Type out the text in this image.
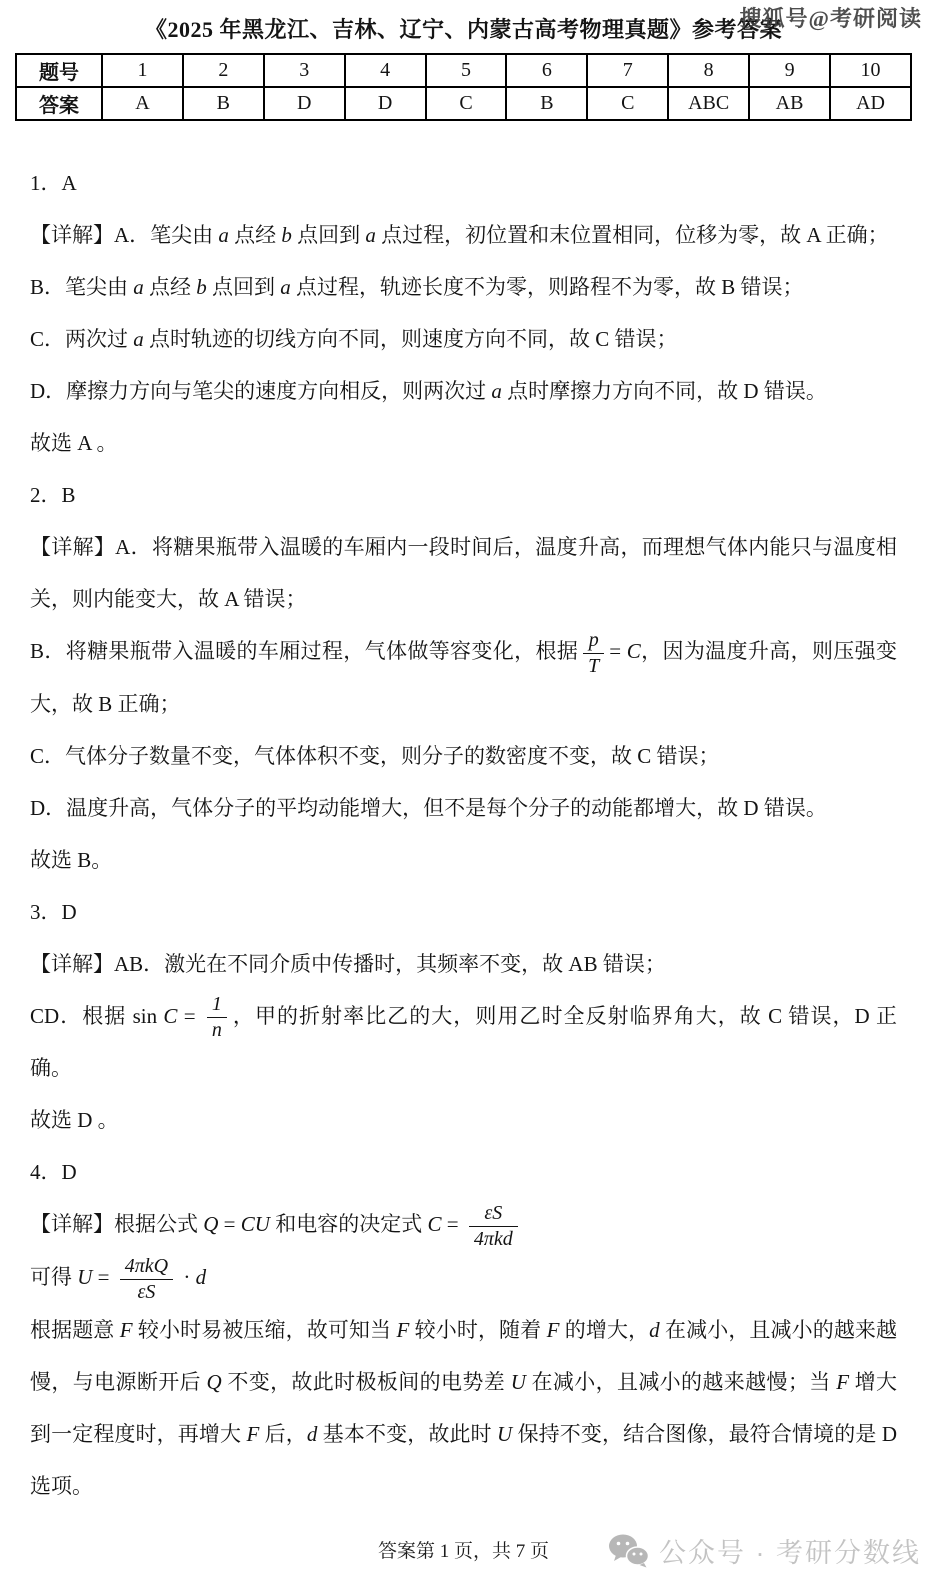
搜狐号@考研阅读
《2025 年黑龙江、吉林、辽宁、内蒙古高考物理真题》参考答案
题号	1	2	3	4	5	6	7	8	9	10
答案	A	B	D	D	C	B	C	ABC	AB	AD
1．A
【详解】A．笔尖由 a 点经 b 点回到 a 点过程，初位置和末位置相同，位移为零，故 A 正确；
B．笔尖由 a 点经 b 点回到 a 点过程，轨迹长度不为零，则路程不为零，故 B 错误；
C．两次过 a 点时轨迹的切线方向不同，则速度方向不同，故 C 错误；
D．摩擦力方向与笔尖的速度方向相反，则两次过 a 点时摩擦力方向不同，故 D 错误。
故选 A 。
2．B
【详解】A．将糖果瓶带入温暖的车厢内一段时间后，温度升高，而理想气体内能只与温度相关，则内能变大，故 A 错误；
B．将糖果瓶带入温暖的车厢过程，气体做等容变化，根据 $\frac{p}{T} = C$，因为温度升高，则压强变大，故 B 正确；
C．气体分子数量不变，气体体积不变，则分子的数密度不变，故 C 错误；
D．温度升高，气体分子的平均动能增大，但不是每个分子的动能都增大，故 D 错误。
故选 B。
3．D
【详解】AB．激光在不同介质中传播时，其频率不变，故 AB 错误；
CD．根据 $\sin C = \frac{1}{n}$ ，甲的折射率比乙的大，则用乙时全反射临界角大，故 C 错误，D 正确。
故选 D 。
4．D
【详解】根据公式 Q = CU 和电容的决定式 $C = \frac{\varepsilon S}{\text{4πkd}}$
可得 $U = \frac{\text{4πkQ}}{\varepsilon S} \cdot d$
根据题意 F 较小时易被压缩，故可知当 F 较小时，随着 F 的增大，d 在减小，且减小的越来越慢，与电源断开后 Q 不变，故此时极板间的电势差 U 在减小，且减小的越来越慢；当 F 增大到一定程度时，再增大 F 后，d 基本不变，故此时 U 保持不变，结合图像，最符合情境的是 D 选项。
答案第 1 页，共 7 页	公众号 · 考研分数线
